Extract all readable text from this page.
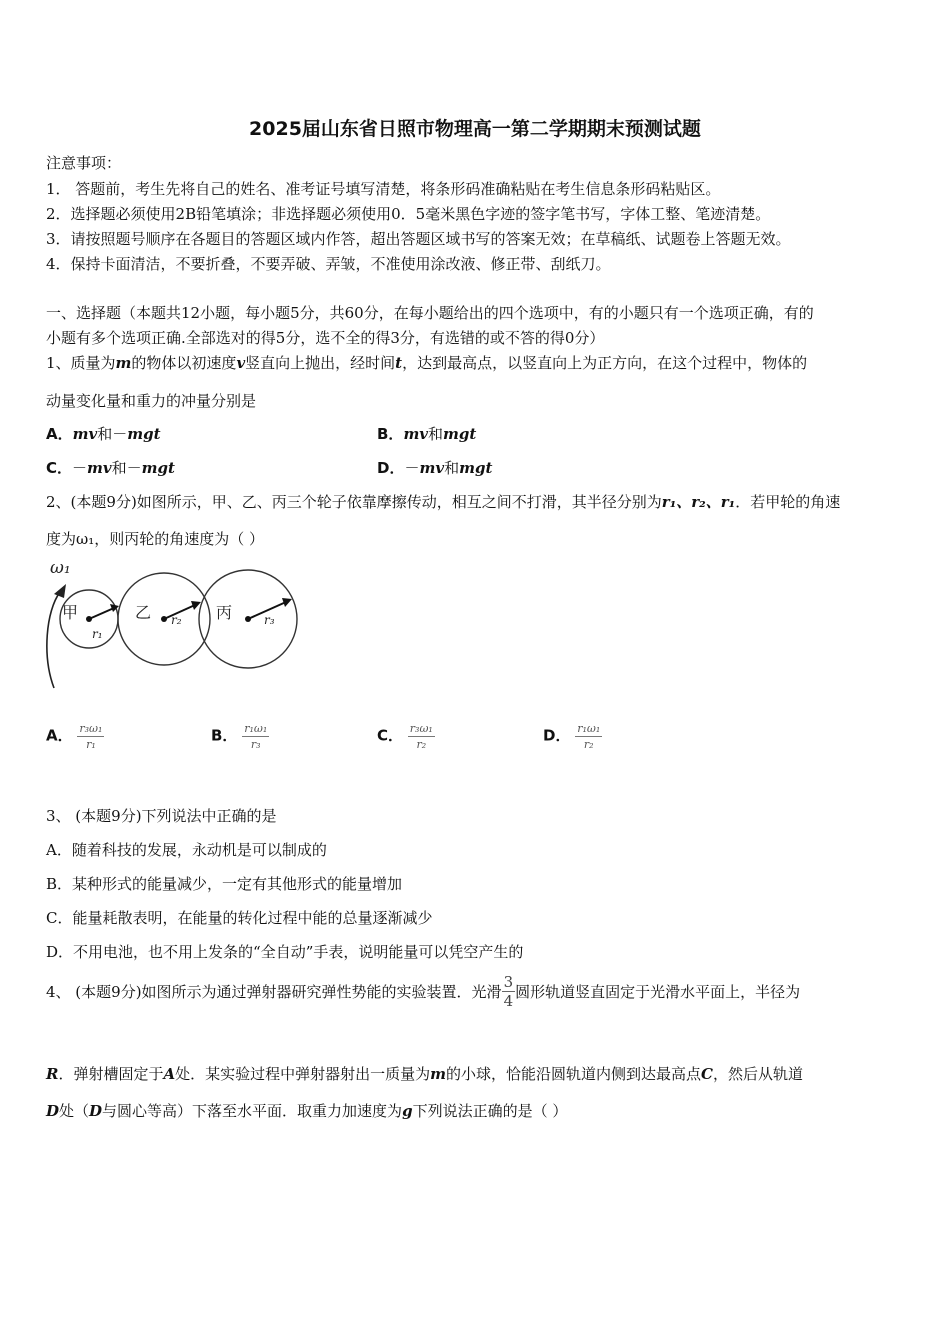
2025届山东省日照市物理高一第二学期期末预测试题
注意事项：
1． 答题前，考生先将自己的姓名、准考证号填写清楚，将条形码准确粘贴在考生信息条形码粘贴区。
2．选择题必须使用2B铅笔填涂；非选择题必须使用0．5毫米黑色字迹的签字笔书写，字体工整、笔迹清楚。
3．请按照题号顺序在各题目的答题区域内作答，超出答题区域书写的答案无效；在草稿纸、试题卷上答题无效。
4．保持卡面清洁，不要折叠，不要弄破、弄皱，不准使用涂改液、修正带、刮纸刀。
一、选择题（本题共12小题，每小题5分，共60分，在每小题给出的四个选项中，有的小题只有一个选项正确，有的
小题有多个选项正确.全部选对的得5分，选不全的得3分，有选错的或不答的得0分）
1、质量为m的物体以初速度v竖直向上抛出，经时间t，达到最高点，以竖直向上为正方向，在这个过程中，物体的
动量变化量和重力的冲量分别是
A．mv和－mgt	B．mv和mgt
C．－mv和－mgt	D．－mv和mgt
2、(本题9分)如图所示，甲、乙、丙三个轮子依靠摩擦传动，相互之间不打滑，其半径分别为r₁、r₂、r₁．若甲轮的角速
度为ω₁，则丙轮的角速度为（ ）
ω₁
甲	乙	丙
r₁
r₂	r₃
A． $\frac{\text{r₃ω₁}}{\text{r₁}}$	B． $\frac{\text{r₁ω₁}}{\text{r₃}}$	C． $\frac{\text{r₃ω₁}}{\text{r₂}}$	D． $\frac{\text{r₁ω₁}}{\text{r₂}}$
3、 (本题9分)下列说法中正确的是
A．随着科技的发展，永动机是可以制成的
B．某种形式的能量减少，一定有其他形式的能量增加
C．能量耗散表明，在能量的转化过程中能的总量逐渐减少
D．不用电池，也不用上发条的“全自动”手表，说明能量可以凭空产生的
4、 (本题9分)如图所示为通过弹射器研究弹性势能的实验装置．光滑 $\frac{3}{4}$ 圆形轨道竖直固定于光滑水平面上，半径为
R．弹射槽固定于A处．某实验过程中弹射器射出一质量为m的小球，恰能沿圆轨道内侧到达最高点C，然后从轨道
D处（D与圆心等高）下落至水平面．取重力加速度为g下列说法正确的是（ ）
